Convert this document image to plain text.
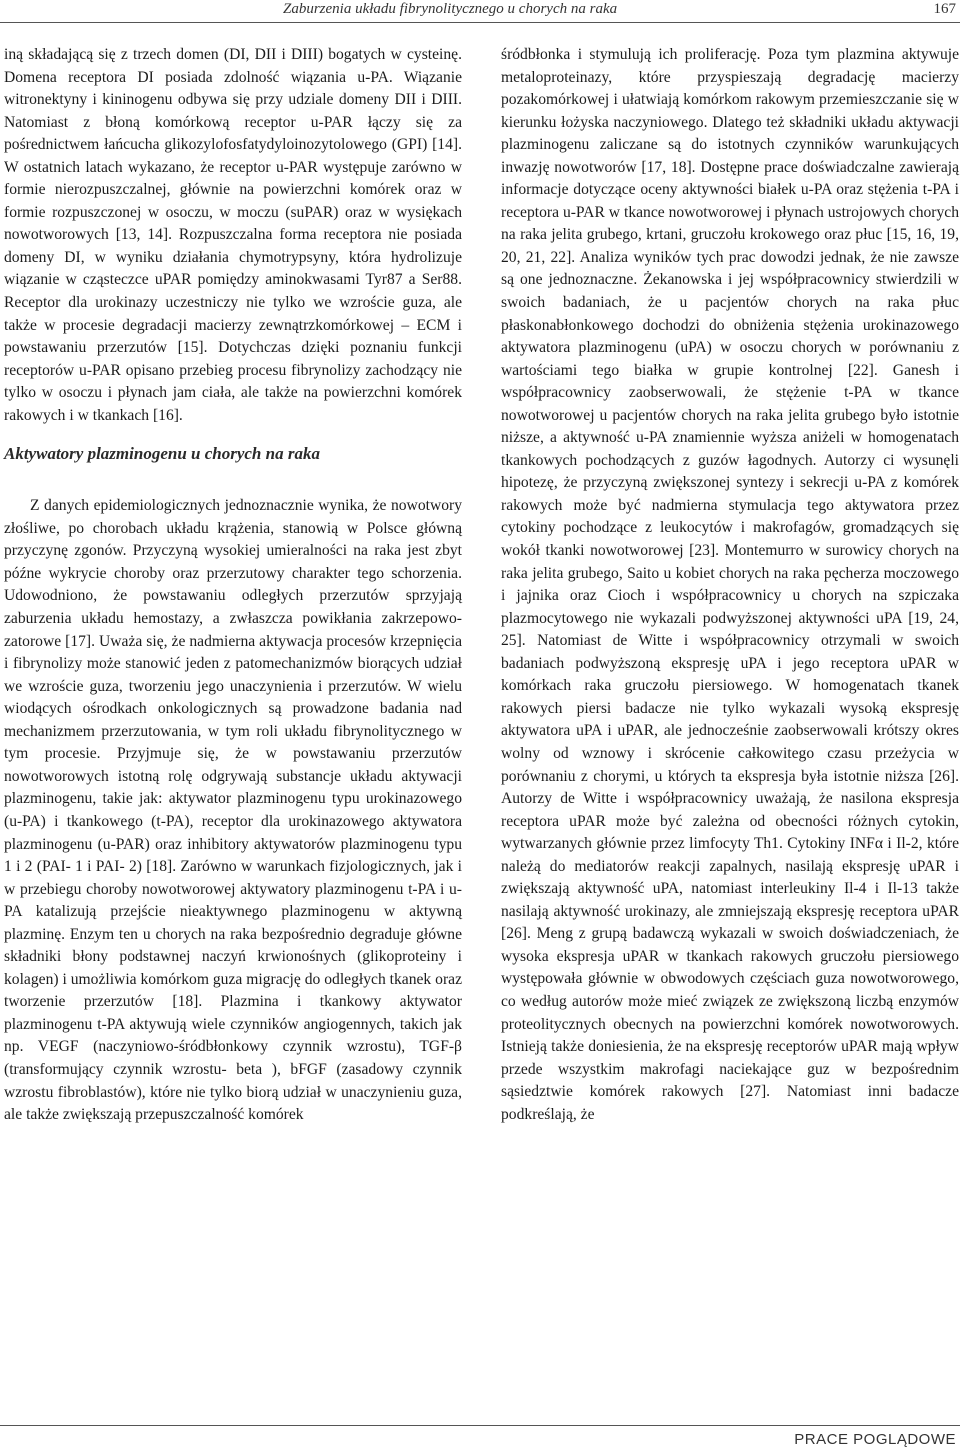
Zaburzenia układu fibrynolitycznego u chorych na raka	167

iną składającą się z trzech domen (DI, DII i DIII) bogatych w cysteinę. Domena receptora DI posiada zdolność wiązania u-PA. Wiązanie witronektyny i kininogenu odbywa się przy udziale domeny DII i DIII. Natomiast z błoną komórkową receptor u-PAR łączy się za pośrednictwem łańcucha glikozylofosfatydyloinozytolowego (GPI) [14]. W ostatnich latach wykazano, że receptor u-PAR występuje zarówno w formie nierozpuszczalnej, głównie na powierzchni komórek oraz w formie rozpuszczonej w osoczu, w moczu (suPAR) oraz w wysiękach nowotworowych [13, 14]. Rozpuszczalna forma receptora nie posiada domeny DI, w wyniku działania chymotrypsyny, która hydrolizuje wiązanie w cząsteczce uPAR pomiędzy aminokwasami Tyr87 a Ser88. Receptor dla urokinazy uczestniczy nie tylko we wzroście guza, ale także w procesie degradacji macierzy zewnątrzkomórkowej – ECM i powstawaniu przerzutów [15]. Dotychczas dzięki poznaniu funkcji receptorów u-PAR opisano przebieg procesu fibrynolizy zachodzący nie tylko w osoczu i płynach jam ciała, ale także na powierzchni komórek rakowych i w tkankach [16].

Aktywatory plazminogenu u chorych na raka

Z danych epidemiologicznych jednoznacznie wynika, że nowotwory złośliwe, po chorobach układu krążenia, stanowią w Polsce główną przyczynę zgonów. Przyczyną wysokiej umieralności na raka jest zbyt późne wykrycie choroby oraz przerzutowy charakter tego schorzenia. Udowodniono, że powstawaniu odległych przerzutów sprzyjają zaburzenia układu hemostazy, a zwłaszcza powikłania zakrzepowo-zatorowe [17]. Uważa się, że nadmierna aktywacja procesów krzepnięcia i fibrynolizy może stanowić jeden z patomechanizmów biorących udział we wzroście guza, tworzeniu jego unaczynienia i przerzutów. W wielu wiodących ośrodkach onkologicznych są prowadzone badania nad mechanizmem przerzutowania, w tym roli układu fibrynolitycznego w tym procesie. Przyjmuje się, że w powstawaniu przerzutów nowotworowych istotną rolę odgrywają substancje układu aktywacji plazminogenu, takie jak: aktywator plazminogenu typu urokinazowego (u-PA) i tkankowego (t-PA), receptor dla urokinazowego aktywatora plazminogenu (u-PAR) oraz inhibitory aktywatorów plazminogenu typu 1 i 2 (PAI- 1 i PAI- 2) [18]. Zarówno w warunkach fizjologicznych, jak i w przebiegu choroby nowotworowej aktywatory plazminogenu t-PA i u-PA katalizują przejście nieaktywnego plazminogenu w aktywną plazminę. Enzym ten u chorych na raka bezpośrednio degraduje główne składniki błony podstawnej naczyń krwionośnych (glikoproteiny i kolagen) i umożliwia komórkom guza migrację do odległych tkanek oraz tworzenie przerzutów [18]. Plazmina i tkankowy aktywator plazminogenu t-PA aktywują wiele czynników angiogennych, takich jak np. VEGF (naczyniowo-śródbłonkowy czynnik wzrostu), TGF-β (transformujący czynnik wzrostu- beta ), bFGF (zasadowy czynnik wzrostu fibroblastów), które nie tylko biorą udział w unaczynieniu guza, ale także zwiększają przepuszczalność komórek

śródbłonka i stymulują ich proliferację. Poza tym plazmina aktywuje metaloproteinazy, które przyspieszają degradację macierzy pozakomórkowej i ułatwiają komórkom rakowym przemieszczanie się w kierunku łożyska naczyniowego. Dlatego też składniki układu aktywacji plazminogenu zaliczane są do istotnych czynników warunkujących inwazję nowotworów [17, 18]. Dostępne prace doświadczalne zawierają informacje dotyczące oceny aktywności białek u-PA oraz stężenia t-PA i receptora u-PAR w tkance nowotworowej i płynach ustrojowych chorych na raka jelita grubego, krtani, gruczołu krokowego oraz płuc [15, 16, 19, 20, 21, 22]. Analiza wyników tych prac dowodzi jednak, że nie zawsze są one jednoznaczne. Żekanowska i jej współpracownicy stwierdzili w swoich badaniach, że u pacjentów chorych na raka płuc płaskonabłonkowego dochodzi do obniżenia stężenia urokinazowego aktywatora plazminogenu (uPA) w osoczu chorych w porównaniu z wartościami tego białka w grupie kontrolnej [22]. Ganesh i współpracownicy zaobserwowali, że stężenie t-PA w tkance nowotworowej u pacjentów chorych na raka jelita grubego było istotnie niższe, a aktywność u-PA znamiennie wyższa aniżeli w homogenatach tkankowych pochodzących z guzów łagodnych. Autorzy ci wysunęli hipotezę, że przyczyną zwiększonej syntezy i sekrecji u-PA z komórek rakowych może być nadmierna stymulacja tego aktywatora przez cytokiny pochodzące z leukocytów i makrofagów, gromadzących się wokół tkanki nowotworowej [23]. Montemurro w surowicy chorych na raka jelita grubego, Saito u kobiet chorych na raka pęcherza moczowego i jajnika oraz Cioch i współpracownicy u chorych na szpiczaka plazmocytowego nie wykazali podwyższonej aktywności uPA [19, 24, 25]. Natomiast de Witte i współpracownicy otrzymali w swoich badaniach podwyższoną ekspresję uPA i jego receptora uPAR w komórkach raka gruczołu piersiowego. W homogenatach tkanek rakowych piersi badacze nie tylko wykazali wysoką ekspresję aktywatora uPA i uPAR, ale jednocześnie zaobserwowali krótszy okres wolny od wznowy i skrócenie całkowitego czasu przeżycia w porównaniu z chorymi, u których ta ekspresja była istotnie niższa [26]. Autorzy de Witte i współpracownicy uważają, że nasilona ekspresja receptora uPAR może być zależna od obecności różnych cytokin, wytwarzanych głównie przez limfocyty Th1. Cytokiny INFα i Il-2, które należą do mediatorów reakcji zapalnych, nasilają ekspresję uPAR i zwiększają aktywność uPA, natomiast interleukiny Il-4 i Il-13 także nasilają aktywność urokinazy, ale zmniejszają ekspresję receptora uPAR [26]. Meng z grupą badawczą wykazali w swoich doświadczeniach, że wysoka ekspresja uPAR w tkankach rakowych gruczołu piersiowego występowała głównie w obwodowych częściach guza nowotworowego, co według autorów może mieć związek ze zwiększoną liczbą enzymów proteolitycznych obecnych na powierzchni komórek nowotworowych. Istnieją także doniesienia, że na ekspresję receptorów uPAR mają wpływ przede wszystkim makrofagi naciekające guz w bezpośrednim sąsiedztwie komórek rakowych [27]. Natomiast inni badacze podkreślają, że

PRACE POGLĄDOWE
